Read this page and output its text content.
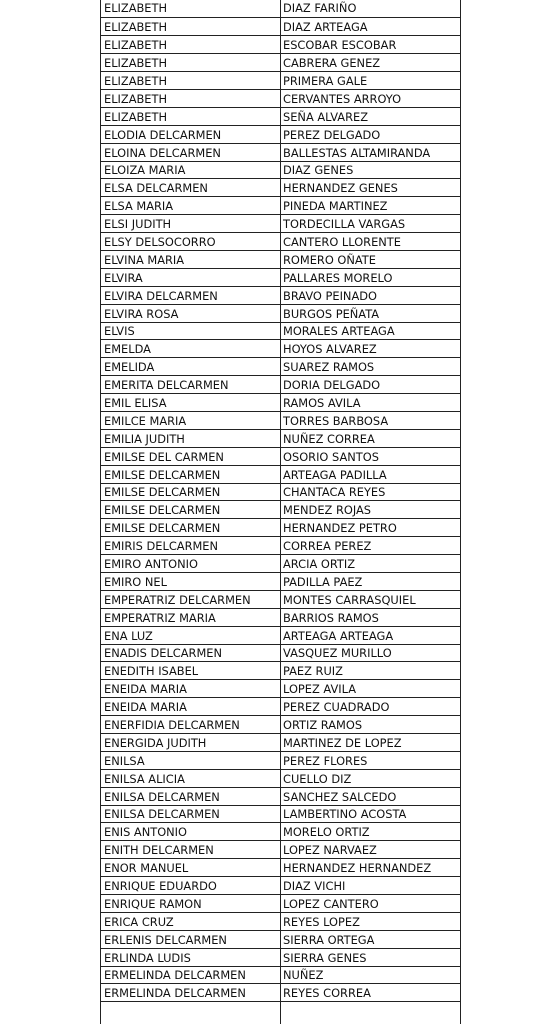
ELIZABETH	DIAZ FARIÑO
ELIZABETH	DIAZ ARTEAGA
ELIZABETH	ESCOBAR ESCOBAR
ELIZABETH	CABRERA GENEZ
ELIZABETH	PRIMERA GALE
ELIZABETH	CERVANTES ARROYO
ELIZABETH	SEÑA ALVAREZ
ELODIA DELCARMEN	PEREZ DELGADO
ELOINA DELCARMEN	BALLESTAS ALTAMIRANDA
ELOIZA MARIA	DIAZ GENES
ELSA DELCARMEN	HERNANDEZ GENES
ELSA MARIA	PINEDA MARTINEZ
ELSI JUDITH	TORDECILLA VARGAS
ELSY DELSOCORRO	CANTERO LLORENTE
ELVINA MARIA	ROMERO OÑATE
ELVIRA	PALLARES MORELO
ELVIRA DELCARMEN	BRAVO PEINADO
ELVIRA ROSA	BURGOS PEÑATA
ELVIS	MORALES ARTEAGA
EMELDA	HOYOS ALVAREZ
EMELIDA	SUAREZ RAMOS
EMERITA DELCARMEN	DORIA DELGADO
EMIL ELISA	RAMOS AVILA
EMILCE MARIA	TORRES BARBOSA
EMILIA JUDITH	NUÑEZ CORREA
EMILSE DEL CARMEN	OSORIO SANTOS
EMILSE DELCARMEN	ARTEAGA PADILLA
EMILSE DELCARMEN	CHANTACA REYES
EMILSE DELCARMEN	MENDEZ ROJAS
EMILSE DELCARMEN	HERNANDEZ PETRO
EMIRIS DELCARMEN	CORREA PEREZ
EMIRO ANTONIO	ARCIA ORTIZ
EMIRO NEL	PADILLA PAEZ
EMPERATRIZ DELCARMEN	MONTES CARRASQUIEL
EMPERATRIZ MARIA	BARRIOS RAMOS
ENA LUZ	ARTEAGA ARTEAGA
ENADIS DELCARMEN	VASQUEZ MURILLO
ENEDITH ISABEL	PAEZ RUIZ
ENEIDA MARIA	LOPEZ AVILA
ENEIDA MARIA	PEREZ CUADRADO
ENERFIDIA DELCARMEN	ORTIZ RAMOS
ENERGIDA JUDITH	MARTINEZ DE LOPEZ
ENILSA	PEREZ FLORES
ENILSA ALICIA	CUELLO DIZ
ENILSA DELCARMEN	SANCHEZ SALCEDO
ENILSA DELCARMEN	LAMBERTINO ACOSTA
ENIS ANTONIO	MORELO ORTIZ
ENITH DELCARMEN	LOPEZ NARVAEZ
ENOR MANUEL	HERNANDEZ HERNANDEZ
ENRIQUE EDUARDO	DIAZ VICHI
ENRIQUE RAMON	LOPEZ CANTERO
ERICA CRUZ	REYES LOPEZ
ERLENIS DELCARMEN	SIERRA ORTEGA
ERLINDA LUDIS	SIERRA GENES
ERMELINDA DELCARMEN	NUÑEZ
ERMELINDA DELCARMEN	REYES CORREA
